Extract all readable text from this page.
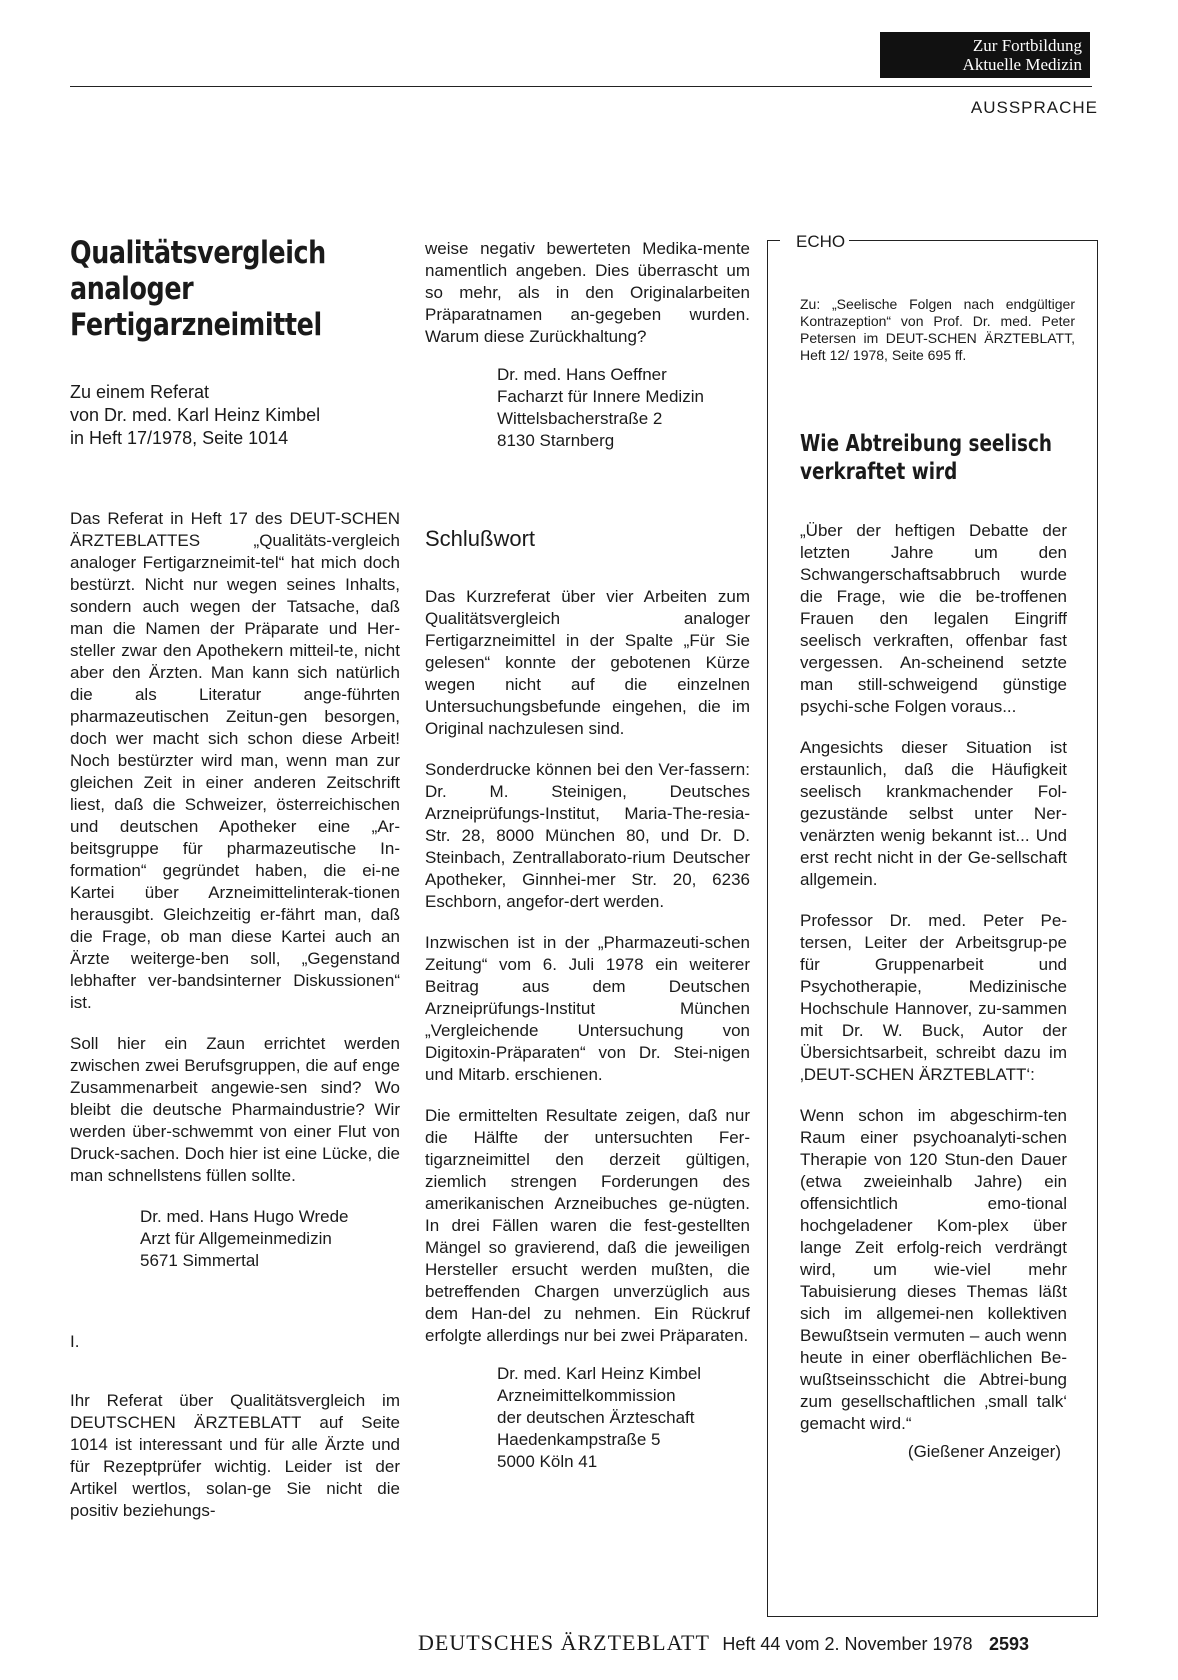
Zur Fortbildung
Aktuelle Medizin
AUSSPRACHE
Qualitätsvergleich analoger Fertigarzneimittel
Zu einem Referat
von Dr. med. Karl Heinz Kimbel
in Heft 17/1978, Seite 1014

Das Referat in Heft 17 des DEUT-SCHEN ÄRZTEBLATTES „Qualitäts-vergleich analoger Fertigarzneimit-tel“ hat mich doch bestürzt. Nicht nur wegen seines Inhalts, sondern auch wegen der Tatsache, daß man die Namen der Präparate und Her-steller zwar den Apothekern mitteil-te, nicht aber den Ärzten. Man kann sich natürlich die als Literatur ange-führten pharmazeutischen Zeitun-gen besorgen, doch wer macht sich schon diese Arbeit! Noch bestürzter wird man, wenn man zur gleichen Zeit in einer anderen Zeitschrift liest, daß die Schweizer, österreichischen und deutschen Apotheker eine „Ar-beitsgruppe für pharmazeutische In-formation“ gegründet haben, die ei-ne Kartei über Arzneimittelinterak-tionen herausgibt. Gleichzeitig er-fährt man, daß die Frage, ob man diese Kartei auch an Ärzte weiterge-ben soll, „Gegenstand lebhafter ver-bandsinterner Diskussionen“ ist.

Soll hier ein Zaun errichtet werden zwischen zwei Berufsgruppen, die auf enge Zusammenarbeit angewie-sen sind? Wo bleibt die deutsche Pharmaindustrie? Wir werden über-schwemmt von einer Flut von Druck-sachen. Doch hier ist eine Lücke, die man schnellstens füllen sollte.

Dr. med. Hans Hugo Wrede
Arzt für Allgemeinmedizin
5671 Simmertal
I.

Ihr Referat über Qualitätsvergleich im DEUTSCHEN ÄRZTEBLATT auf Seite 1014 ist interessant und für alle Ärzte und für Rezeptprüfer wichtig. Leider ist der Artikel wertlos, solan-ge Sie nicht die positiv beziehungs-

weise negativ bewerteten Medika-mente namentlich angeben. Dies überrascht um so mehr, als in den Originalarbeiten Präparatnamen an-gegeben wurden. Warum diese Zurückhaltung?

Dr. med. Hans Oeffner
Facharzt für Innere Medizin
Wittelsbacherstraße 2
8130 Starnberg
Schlußwort

Das Kurzreferat über vier Arbeiten zum Qualitätsvergleich analoger Fertigarzneimittel in der Spalte „Für Sie gelesen“ konnte der gebotenen Kürze wegen nicht auf die einzelnen Untersuchungsbefunde eingehen, die im Original nachzulesen sind.

Sonderdrucke können bei den Ver-fassern: Dr. M. Steinigen, Deutsches Arzneiprüfungs-Institut, Maria-The-resia-Str. 28, 8000 München 80, und Dr. D. Steinbach, Zentrallaborato-rium Deutscher Apotheker, Ginnhei-mer Str. 20, 6236 Eschborn, angefor-dert werden.

Inzwischen ist in der „Pharmazeuti-schen Zeitung“ vom 6. Juli 1978 ein weiterer Beitrag aus dem Deutschen Arzneiprüfungs-Institut München „Vergleichende Untersuchung von Digitoxin-Präparaten“ von Dr. Stei-nigen und Mitarb. erschienen.

Die ermittelten Resultate zeigen, daß nur die Hälfte der untersuchten Fer-tigarzneimittel den derzeit gültigen, ziemlich strengen Forderungen des amerikanischen Arzneibuches ge-nügten. In drei Fällen waren die fest-gestellten Mängel so gravierend, daß die jeweiligen Hersteller ersucht werden mußten, die betreffenden Chargen unverzüglich aus dem Han-del zu nehmen. Ein Rückruf erfolgte allerdings nur bei zwei Präparaten.

Dr. med. Karl Heinz Kimbel
Arzneimittelkommission
der deutschen Ärzteschaft
Haedenkampstraße 5
5000 Köln 41
ECHO
Zu: „Seelische Folgen nach endgültiger Kontrazeption“ von Prof. Dr. med. Peter Petersen im DEUT-SCHEN ÄRZTEBLATT, Heft 12/ 1978, Seite 695 ff.
Wie Abtreibung seelisch verkraftet wird

„Über der heftigen Debatte der letzten Jahre um den Schwangerschaftsabbruch wurde die Frage, wie die be-troffenen Frauen den legalen Eingriff seelisch verkraften, offenbar fast vergessen. An-scheinend setzte man still-schweigend günstige psychi-sche Folgen voraus...

Angesichts dieser Situation ist erstaunlich, daß die Häufigkeit seelisch krankmachender Fol-gezustände selbst unter Ner-venärzten wenig bekannt ist... Und erst recht nicht in der Ge-sellschaft allgemein.

Professor Dr. med. Peter Pe-tersen, Leiter der Arbeitsgrup-pe für Gruppenarbeit und Psychotherapie, Medizinische Hochschule Hannover, zu-sammen mit Dr. W. Buck, Autor der Übersichtsarbeit, schreibt dazu im ‚DEUT-SCHEN ÄRZTEBLATT‘:

Wenn schon im abgeschirm-ten Raum einer psychoanalyti-schen Therapie von 120 Stun-den Dauer (etwa zweieinhalb Jahre) ein offensichtlich emo-tional hochgeladener Kom-plex über lange Zeit erfolg-reich verdrängt wird, um wie-viel mehr Tabuisierung dieses Themas läßt sich im allgemei-nen kollektiven Bewußtsein vermuten – auch wenn heute in einer oberflächlichen Be-wußtseinsschicht die Abtrei-bung zum gesellschaftlichen ‚small talk‘ gemacht wird.“

(Gießener Anzeiger)
DEUTSCHES ÄRZTEBLATT Heft 44 vom 2. November 1978 2593
